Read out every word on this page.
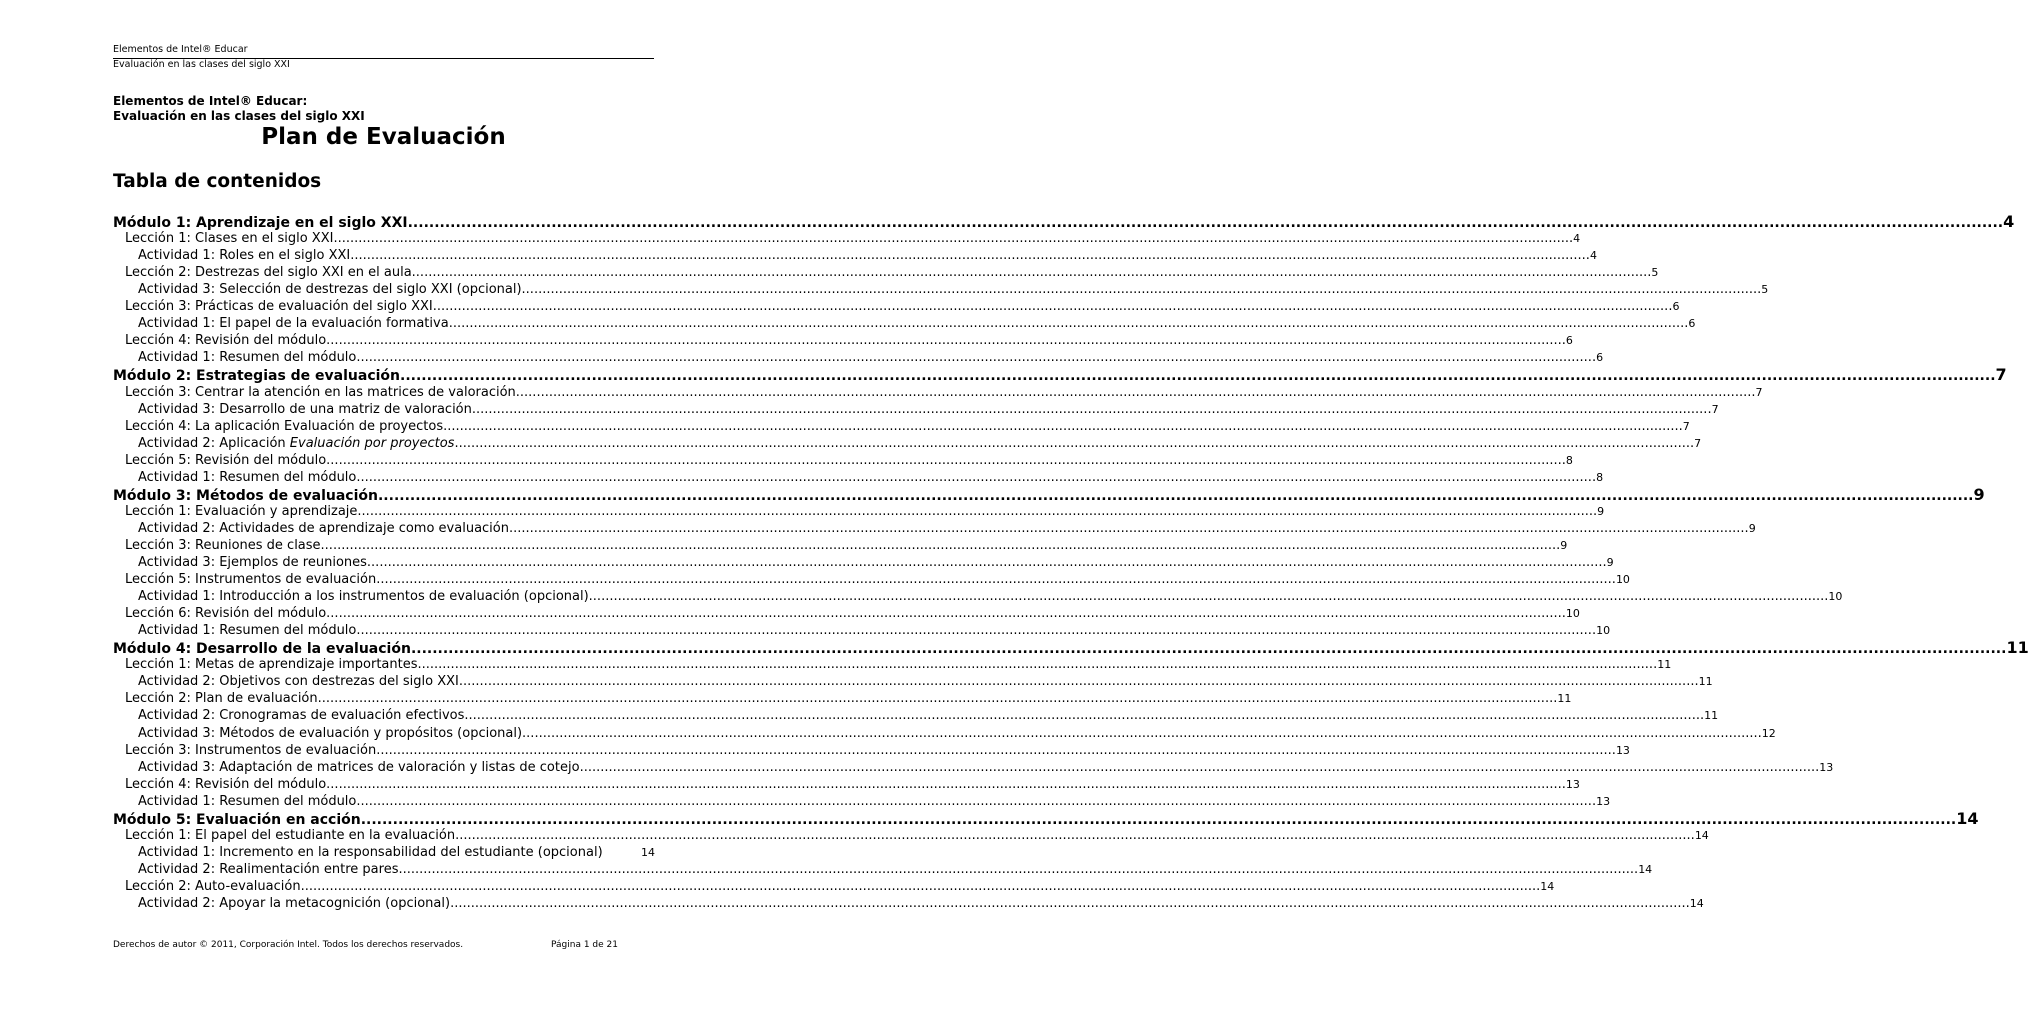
Elementos de Intel® Educar
Evaluación en las clases del siglo XXI
Elementos de Intel® Educar:
Evaluación en las clases del siglo XXI
Plan de Evaluación
Tabla de contenidos
Módulo 1: Aprendizaje en el siglo XXI ............................................................................................................................................................................................................................................................................................................ 4
Lección 1: Clases en el siglo XXI ............................................................................................................................................................................................................................................................................................................ 4
Actividad 1: Roles en el siglo XXI ............................................................................................................................................................................................................................................................................................................ 4
Lección 2: Destrezas del siglo XXI en el aula ............................................................................................................................................................................................................................................................................................................ 5
Actividad 3: Selección de destrezas del siglo XXI (opcional) ............................................................................................................................................................................................................................................................................................................ 5
Lección 3: Prácticas de evaluación del siglo XXI ............................................................................................................................................................................................................................................................................................................ 6
Actividad 1: El papel de la evaluación formativa ............................................................................................................................................................................................................................................................................................................ 6
Lección 4: Revisión del módulo ............................................................................................................................................................................................................................................................................................................ 6
Actividad 1: Resumen del módulo ............................................................................................................................................................................................................................................................................................................ 6
Módulo 2: Estrategias de evaluación ............................................................................................................................................................................................................................................................................................................ 7
Lección 3: Centrar la atención en las matrices de valoración ............................................................................................................................................................................................................................................................................................................ 7
Actividad 3: Desarrollo de una matriz de valoración ............................................................................................................................................................................................................................................................................................................ 7
Lección 4: La aplicación Evaluación de proyectos ............................................................................................................................................................................................................................................................................................................ 7
Actividad 2: Aplicación Evaluación por proyectos ............................................................................................................................................................................................................................................................................................................ 7
Lección 5: Revisión del módulo ............................................................................................................................................................................................................................................................................................................ 8
Actividad 1: Resumen del módulo ............................................................................................................................................................................................................................................................................................................ 8
Módulo 3: Métodos de evaluación ............................................................................................................................................................................................................................................................................................................ 9
Lección 1: Evaluación y aprendizaje ............................................................................................................................................................................................................................................................................................................ 9
Actividad 2: Actividades de aprendizaje como evaluación ............................................................................................................................................................................................................................................................................................................ 9
Lección 3: Reuniones de clase ............................................................................................................................................................................................................................................................................................................ 9
Actividad 3: Ejemplos de reuniones ............................................................................................................................................................................................................................................................................................................ 9
Lección 5: Instrumentos de evaluación ............................................................................................................................................................................................................................................................................................................ 10
Actividad 1: Introducción a los instrumentos de evaluación (opcional) ............................................................................................................................................................................................................................................................................................................ 10
Lección 6: Revisión del módulo ............................................................................................................................................................................................................................................................................................................ 10
Actividad 1: Resumen del módulo ............................................................................................................................................................................................................................................................................................................ 10
Módulo 4: Desarrollo de la evaluación ............................................................................................................................................................................................................................................................................................................ 11
Lección 1: Metas de aprendizaje importantes ............................................................................................................................................................................................................................................................................................................ 11
Actividad 2: Objetivos con destrezas del siglo XXI ............................................................................................................................................................................................................................................................................................................ 11
Lección 2: Plan de evaluación ............................................................................................................................................................................................................................................................................................................ 11
Actividad 2: Cronogramas de evaluación efectivos ............................................................................................................................................................................................................................................................................................................ 11
Actividad 3: Métodos de evaluación y propósitos (opcional) ............................................................................................................................................................................................................................................................................................................ 12
Lección 3: Instrumentos de evaluación ............................................................................................................................................................................................................................................................................................................ 13
Actividad 3: Adaptación de matrices de valoración y listas de cotejo ............................................................................................................................................................................................................................................................................................................ 13
Lección 4: Revisión del módulo ............................................................................................................................................................................................................................................................................................................ 13
Actividad 1: Resumen del módulo ............................................................................................................................................................................................................................................................................................................ 13
Módulo 5: Evaluación en acción ............................................................................................................................................................................................................................................................................................................ 14
Lección 1: El papel del estudiante en la evaluación ............................................................................................................................................................................................................................................................................................................ 14
Actividad 1: Incremento en la responsabilidad del estudiante (opcional)	14
Actividad 2: Realimentación entre pares ............................................................................................................................................................................................................................................................................................................ 14
Lección 2: Auto-evaluación ............................................................................................................................................................................................................................................................................................................ 14
Actividad 2: Apoyar la metacognición (opcional) ............................................................................................................................................................................................................................................................................................................ 14
Derechos de autor © 2011, Corporación Intel. Todos los derechos reservados.	Página 1 de 21
